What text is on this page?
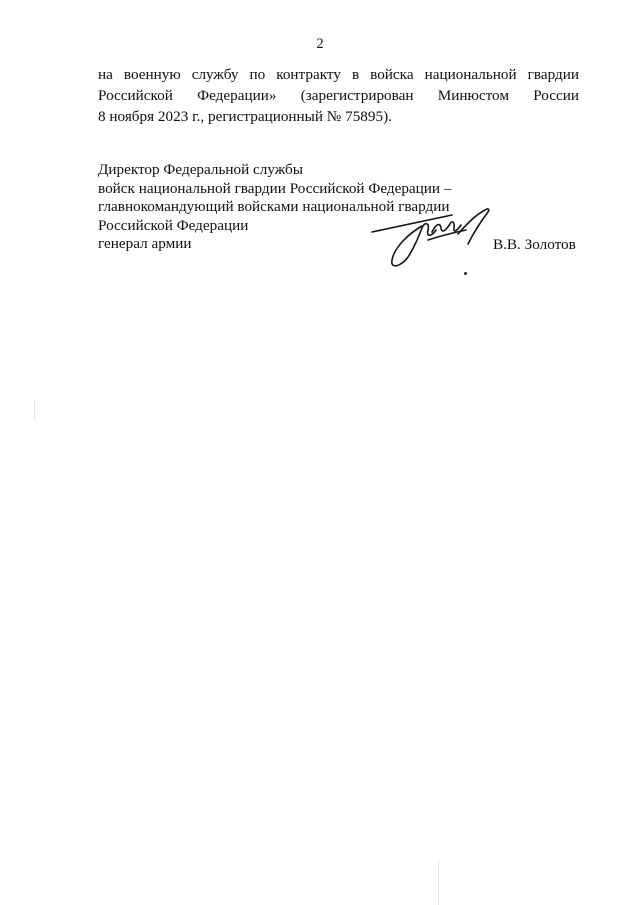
2
на военную службу по контракту в войска национальной гвардии
Российской Федерации» (зарегистрирован Минюстом России
8 ноября 2023 г., регистрационный № 75895).
Директор Федеральной службы
войск национальной гвардии Российской Федерации –
главнокомандующий войсками национальной гвардии
Российской Федерации
генерал армии	В.В. Золотов
